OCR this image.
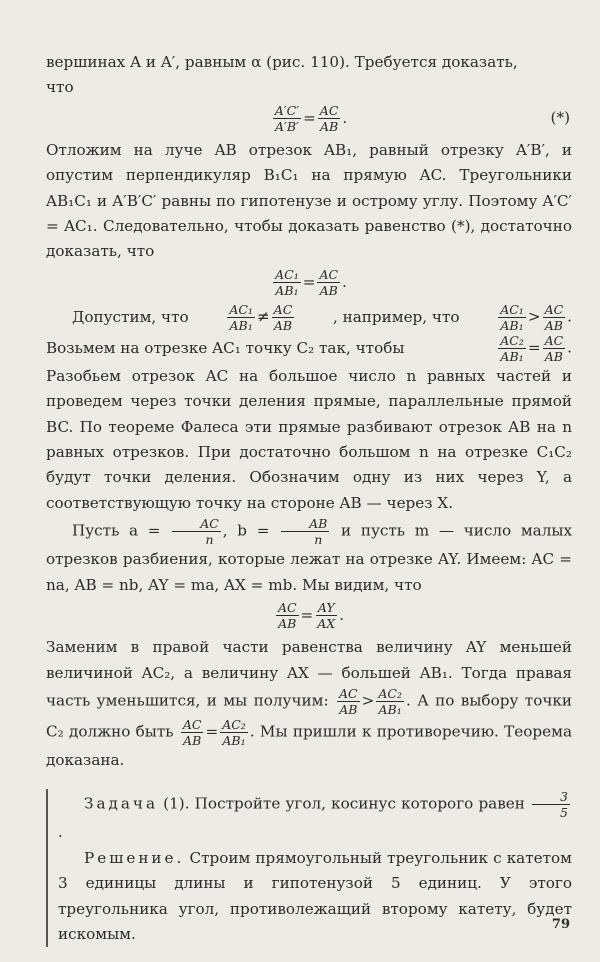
вершинах A и A′, равным α (рис. 110). Требуется доказать,
что

$\frac{A'C'}{A'B'} = \frac{AC}{AB}$ .	(*)

Отложим на луче AB отрезок AB₁, равный отрезку A′B′, и опустим перпендикуляр B₁C₁ на прямую AC. Треугольники AB₁C₁ и A′B′C′ равны по гипотенузе и острому углу. Поэтому A′C′ = AC₁. Следовательно, чтобы доказать равенство (*), достаточно доказать, что

$\frac{\text{AC₁}}{\text{AB₁}} = \frac{AC}{AB}$ .
Допустим, что	$\frac{\text{AC₁}}{\text{AB₁}} \ne \frac{AC}{AB}$	, например, что	$\frac{\text{AC₁}}{\text{AB₁}} > \frac{AC}{AB}$ .
Возьмем на отрезке AC₁ точку C₂ так, чтобы	$\frac{\text{AC₂}}{\text{AB₁}} = \frac{AC}{AB}$ .

Разобьем отрезок AC на большое число n равных частей и проведем через точки деления прямые, параллельные прямой BC. По теореме Фалеса эти прямые разбивают отрезок AB на n равных отрезков. При достаточно большом n на отрезке C₁C₂ будут точки деления. Обозначим одну из них через Y, а соответствующую точку на стороне AB — через X.

Пусть $a = \frac{AC}{n}$ , $b = \frac{AB}{n}$ и пусть m — число малых отрезков разбиения, которые лежат на отрезке AY. Имеем: AC = na, AB = nb, AY = ma, AX = mb. Мы видим, что

$\frac{AC}{AB} = \frac{AY}{AX}$ .

Заменим в правой части равенства величину AY меньшей величиной AC₂, а величину AX — большей AB₁. Тогда правая часть уменьшится, и мы получим: $\frac{AC}{AB} > \frac{\text{AC₂}}{\text{AB₁}}$ . А по выбору точки C₂ должно быть $\frac{AC}{AB} = \frac{\text{AC₂}}{\text{AB₁}}$ . Мы пришли к противоречию. Теорема доказана.

Задача (1). Постройте угол, косинус которого равен $\frac{3}{5}$
.

Решение. Строим прямоугольный треугольник с катетом 3 единицы длины и гипотенузой 5 единиц. У этого треугольника угол, противолежащий второму катету, будет искомым.

79
